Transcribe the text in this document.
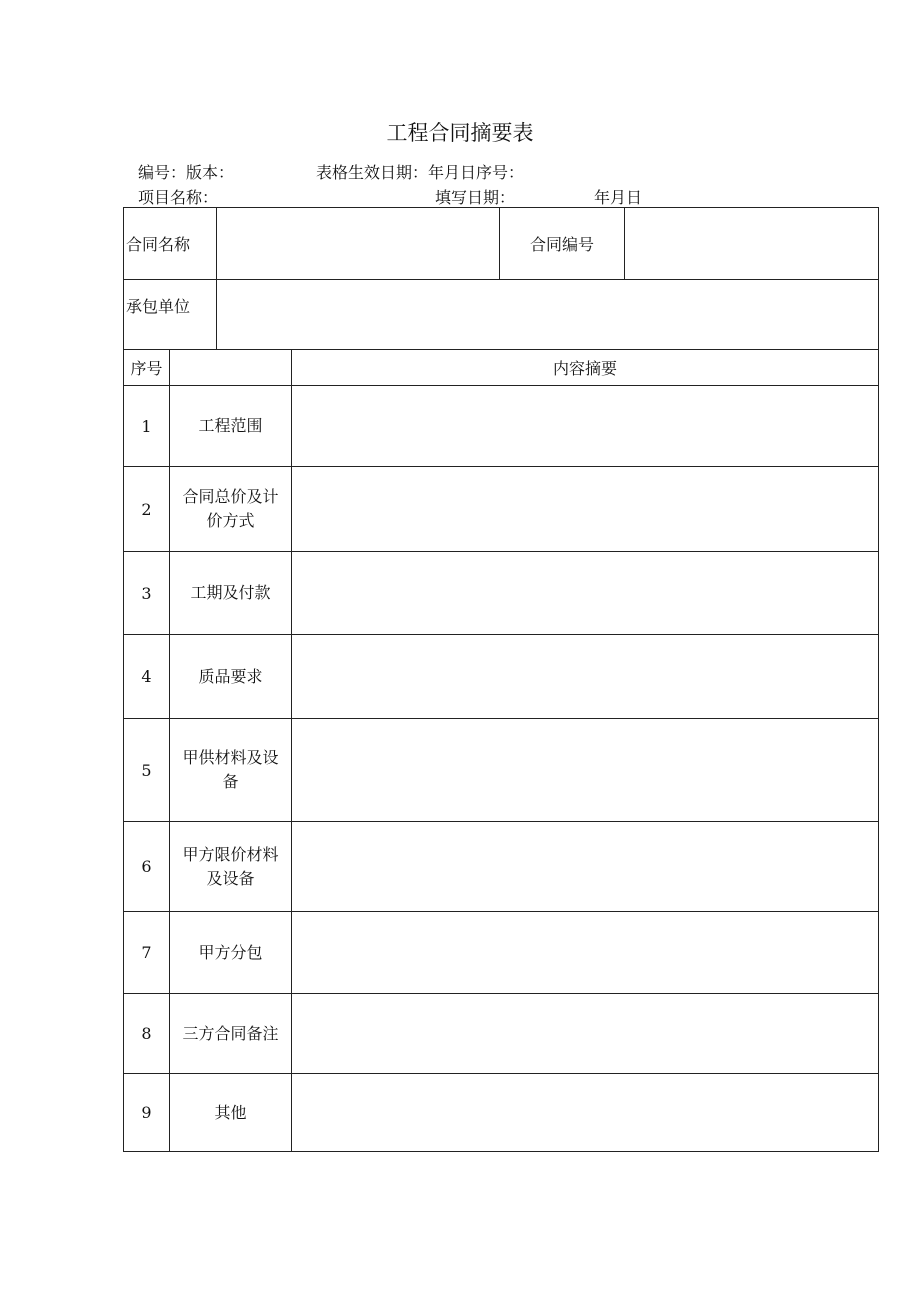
工程合同摘要表
编号：版本：	表格生效日期：年月日序号：
项目名称：	填写日期：	年月日
合同名称				合同编号	
承包单位					
序号			内容摘要		
1	工程范围				
2	合同总价及计价方式				
3	工期及付款				
4	质品要求				
5	甲供材料及设备				
6	甲方限价材料及设备				
7	甲方分包				
8	三方合同备注				
9	其他				
